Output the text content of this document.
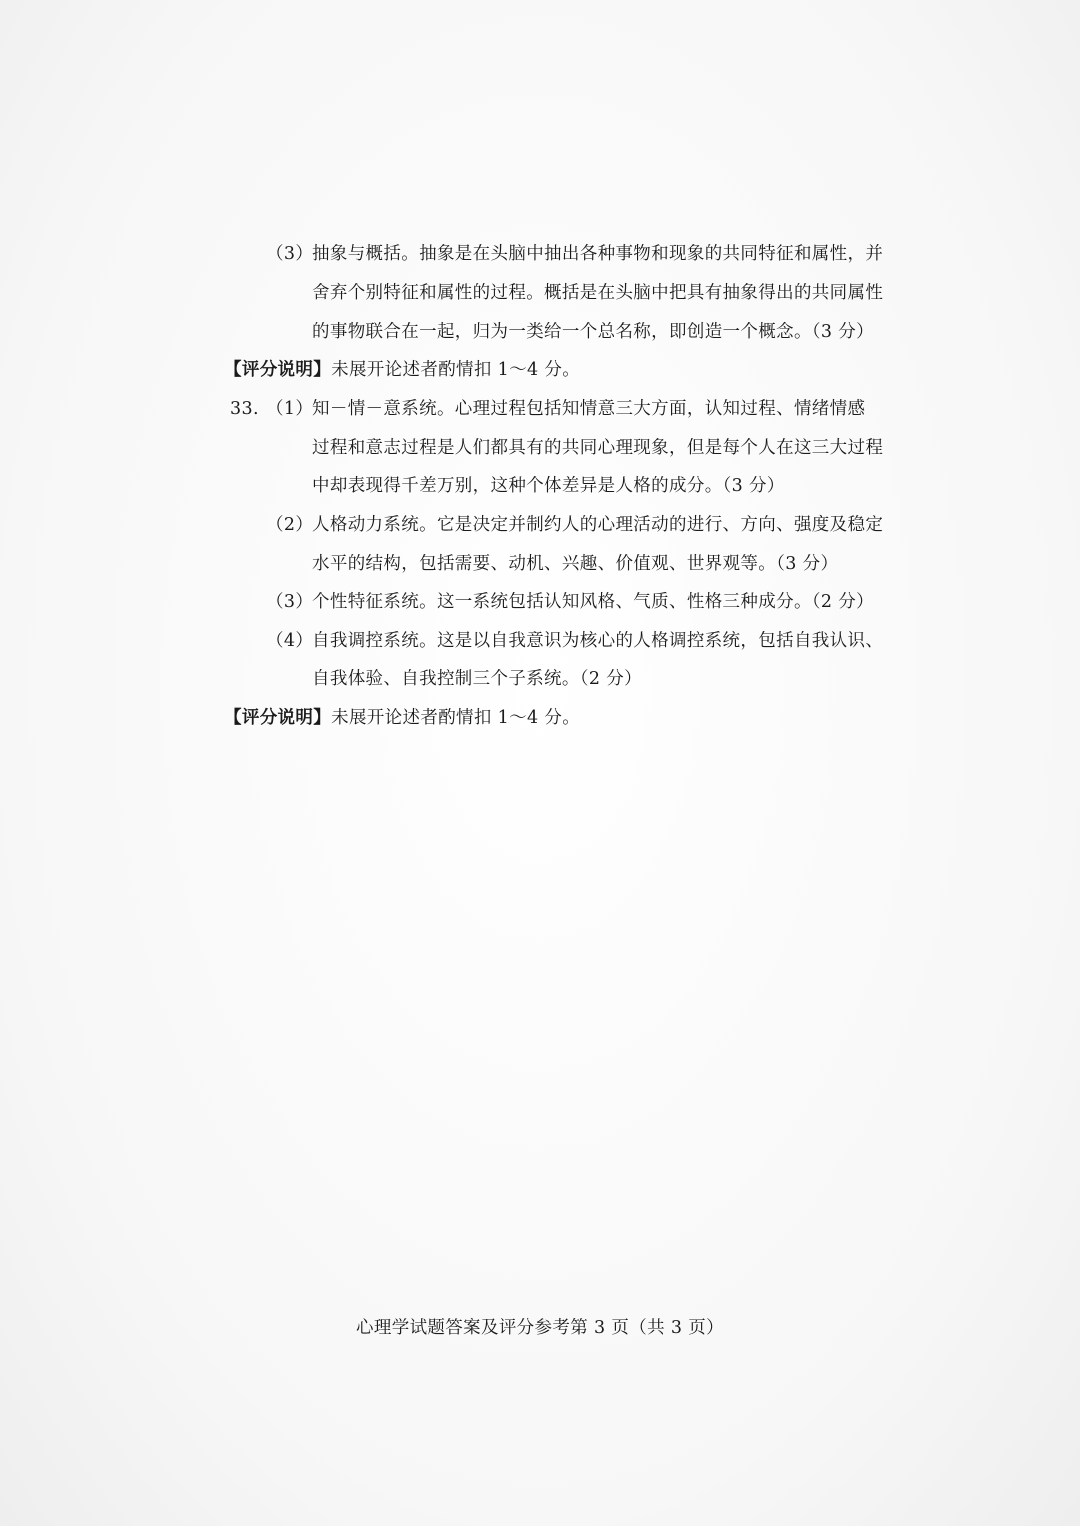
（3）
抽象与概括。抽象是在头脑中抽出各种事物和现象的共同特征和属性，并
舍弃个别特征和属性的过程。概括是在头脑中把具有抽象得出的共同属性
的事物联合在一起，归为一类给一个总名称，即创造一个概念。（3 分）
【评分说明】未展开论述者酌情扣 1～4 分。
33. （1）
知－情－意系统。心理过程包括知情意三大方面，认知过程、情绪情感
过程和意志过程是人们都具有的共同心理现象，但是每个人在这三大过程
中却表现得千差万别，这种个体差异是人格的成分。（3 分）
（2）
人格动力系统。它是决定并制约人的心理活动的进行、方向、强度及稳定
水平的结构，包括需要、动机、兴趣、价值观、世界观等。（3 分）
（3）
个性特征系统。这一系统包括认知风格、气质、性格三种成分。（2 分）
（4）
自我调控系统。这是以自我意识为核心的人格调控系统，包括自我认识、
自我体验、自我控制三个子系统。（2 分）
【评分说明】未展开论述者酌情扣 1～4 分。
心理学试题答案及评分参考第 3 页（共 3 页）
